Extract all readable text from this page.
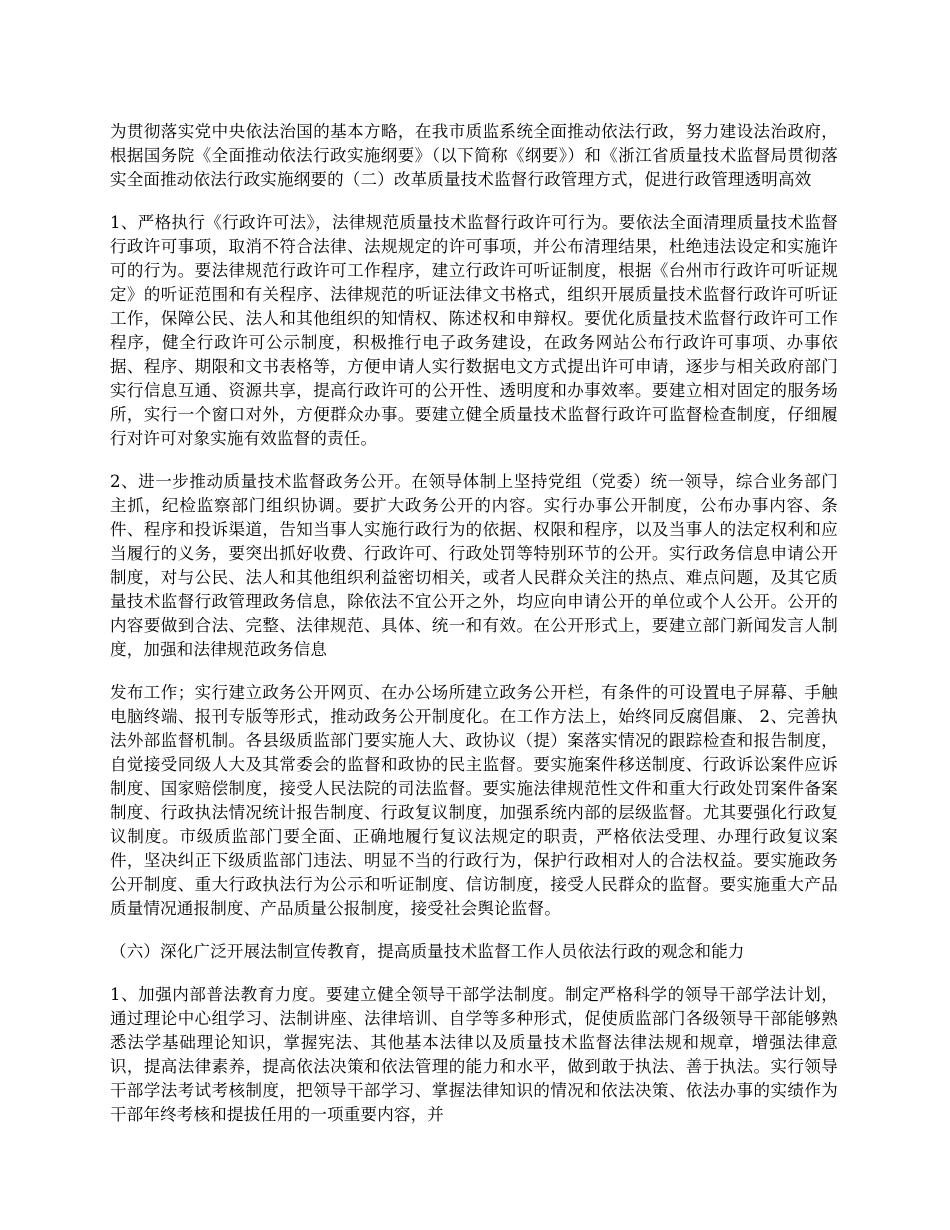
为贯彻落实党中央依法治国的基本方略，在我市质监系统全面推动依法行政，努力建设法治政府，根据国务院《全面推动依法行政实施纲要》（以下简称《纲要》）和《浙江省质量技术监督局贯彻落实全面推动依法行政实施纲要的（二）改革质量技术监督行政管理方式，促进行政管理透明高效

1、严格执行《行政许可法》，法律规范质量技术监督行政许可行为。要依法全面清理质量技术监督行政许可事项，取消不符合法律、法规规定的许可事项，并公布清理结果，杜绝违法设定和实施许可的行为。要法律规范行政许可工作程序，建立行政许可听证制度，根据《台州市行政许可听证规定》的听证范围和有关程序、法律规范的听证法律文书格式，组织开展质量技术监督行政许可听证工作，保障公民、法人和其他组织的知情权、陈述权和申辩权。要优化质量技术监督行政许可工作程序，健全行政许可公示制度，积极推行电子政务建设，在政务网站公布行政许可事项、办事依据、程序、期限和文书表格等，方便申请人实行数据电文方式提出许可申请，逐步与相关政府部门实行信息互通、资源共享，提高行政许可的公开性、透明度和办事效率。要建立相对固定的服务场所，实行一个窗口对外，方便群众办事。要建立健全质量技术监督行政许可监督检查制度，仔细履行对许可对象实施有效监督的责任。

2、进一步推动质量技术监督政务公开。在领导体制上坚持党组（党委）统一领导，综合业务部门主抓，纪检监察部门组织协调。要扩大政务公开的内容。实行办事公开制度，公布办事内容、条件、程序和投诉渠道，告知当事人实施行政行为的依据、权限和程序，以及当事人的法定权利和应当履行的义务，要突出抓好收费、行政许可、行政处罚等特别环节的公开。实行政务信息申请公开制度，对与公民、法人和其他组织利益密切相关，或者人民群众关注的热点、难点问题，及其它质量技术监督行政管理政务信息，除依法不宜公开之外，均应向申请公开的单位或个人公开。公开的内容要做到合法、完整、法律规范、具体、统一和有效。在公开形式上，要建立部门新闻发言人制度，加强和法律规范政务信息

发布工作；实行建立政务公开网页、在办公场所建立政务公开栏，有条件的可设置电子屏幕、手触电脑终端、报刊专版等形式，推动政务公开制度化。在工作方法上，始终同反腐倡廉、 2、完善执法外部监督机制。各县级质监部门要实施人大、政协议（提）案落实情况的跟踪检查和报告制度，自觉接受同级人大及其常委会的监督和政协的民主监督。要实施案件移送制度、行政诉讼案件应诉制度、国家赔偿制度，接受人民法院的司法监督。要实施法律规范性文件和重大行政处罚案件备案制度、行政执法情况统计报告制度、行政复议制度，加强系统内部的层级监督。尤其要强化行政复议制度。市级质监部门要全面、正确地履行复议法规定的职责，严格依法受理、办理行政复议案件，坚决纠正下级质监部门违法、明显不当的行政行为，保护行政相对人的合法权益。要实施政务公开制度、重大行政执法行为公示和听证制度、信访制度，接受人民群众的监督。要实施重大产品质量情况通报制度、产品质量公报制度，接受社会舆论监督。

（六）深化广泛开展法制宣传教育，提高质量技术监督工作人员依法行政的观念和能力

1、加强内部普法教育力度。要建立健全领导干部学法制度。制定严格科学的领导干部学法计划，通过理论中心组学习、法制讲座、法律培训、自学等多种形式，促使质监部门各级领导干部能够熟悉法学基础理论知识，掌握宪法、其他基本法律以及质量技术监督法律法规和规章，增强法律意识，提高法律素养，提高依法决策和依法管理的能力和水平，做到敢于执法、善于执法。实行领导干部学法考试考核制度，把领导干部学习、掌握法律知识的情况和依法决策、依法办事的实绩作为干部年终考核和提拔任用的一项重要内容，并
